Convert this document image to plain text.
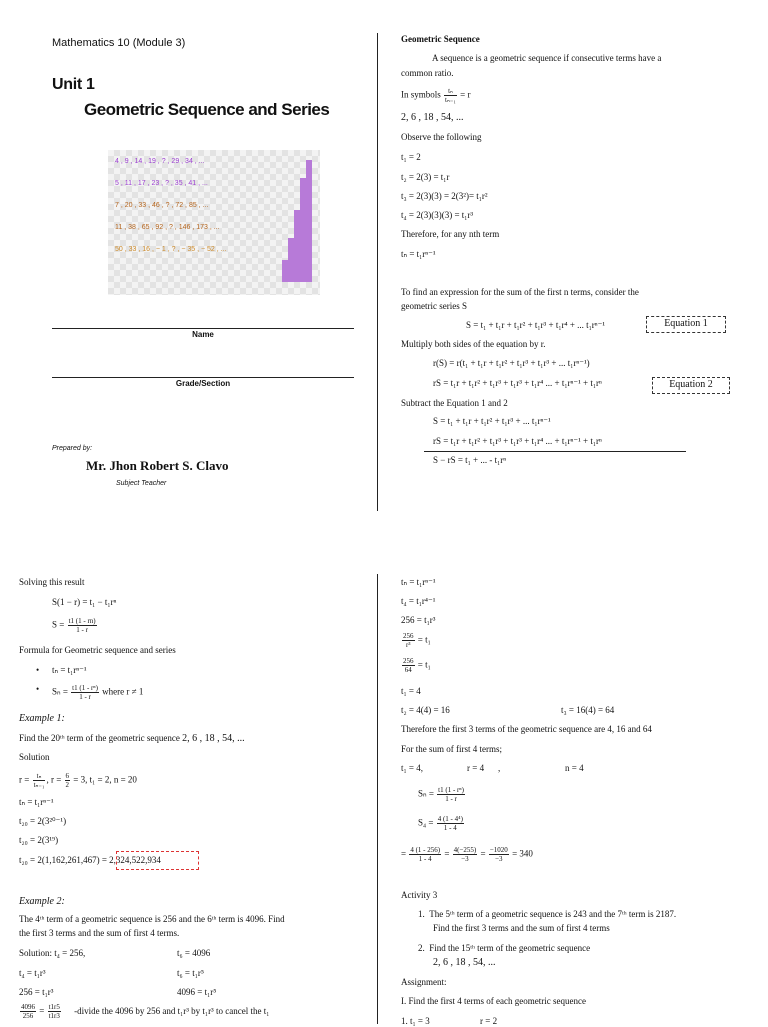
Mathematics 10 (Module 3)
Unit 1
Geometric Sequence and Series
4 , 9 , 14 , 19 , ? , 29 , 34 , ...
5 , 11 , 17 , 23 , ? , 35 , 41 , ...
7 , 20 , 33 , 46 , ? , 72 , 85 , ...
11 , 38 , 65 , 92 , ? , 146 , 173 , ...
50 , 33 , 16 , − 1 , ? , − 35 , − 52 , ...
Name
Grade/Section
Prepared by:
Mr. Jhon Robert S. Clavo
Subject Teacher
Geometric Sequence
A sequence is a geometric sequence if consecutive terms have a
common ratio.
In symbols $\frac{\text{tₙ}}{\text{tₙ₋₁}} = r$
2, 6 , 18 , 54, ...
Observe the following
t₁ = 2
t₂ = 2(3) = t₁r
t₃ = 2(3)(3) = 2(3²)= t₁r²
t₄ = 2(3)(3)(3) = t₁r³
Therefore, for any nth term
tₙ = t₁rⁿ⁻¹
To find an expression for the sum of the first n terms, consider the
geometric series S
S = t₁ + t₁r + t₁r² + t₁r³ + t₁r⁴ + ... t₁rⁿ⁻¹	Equation 1
Multiply both sides of the equation by r.
r(S) = r(t₁ + t₁r + t₁r² + t₁r³ + t₁r³ + ... t₁rⁿ⁻¹)
rS = t₁r + t₁r² + t₁r³ + t₁r³ + t₁r⁴ ... + t₁rⁿ⁻¹ + t₁rⁿ	Equation 2
Subtract the Equation 1 and 2
S = t₁ + t₁r + t₁r² + t₁r³ + ... t₁rⁿ⁻¹
rS = t₁r + t₁r² + t₁r³ + t₁r³ + t₁r⁴ ... + t₁rⁿ⁻¹ + t₁rⁿ
S − rS = t₁ + ... - t₁rⁿ
Solving this result
S(1 − r) = t₁ − t₁rⁿ
$S = \frac{t1 (1 - rn)}{1 - r}$
Formula for Geometric sequence and series
• tₙ = t₁rⁿ⁻¹
• $S_n = \frac{\text{t1 (1 - rⁿ)}}{1 - r}$ where r ≠ 1
Example 1:
Find the 20ᵗʰ term of the geometric sequence 2, 6 , 18 , 54, ...
Solution
$r = \frac{\text{tₙ}}{\text{tₙ₋₁}}$ , $r = \frac{6}{2} = 3$, t₁ = 2, n = 20
tₙ = t₁rⁿ⁻¹
t₂₀ = 2(3²⁰⁻¹)
t₂₀ = 2(3¹⁹)
t₂₀ = 2(1,162,261,467) = 2,324,522,934
Example 2:
The 4ᵗʰ term of a geometric sequence is 256 and the 6ᵗʰ term is 4096. Find
the first 3 terms and the sum of first 4 terms.
Solution: t₄ = 256,	t₆ = 4096
t₄ = t₁r³	t₆ = t₁r⁵
256 = t₁r³	4096 = t₁r⁵
$\frac{4096}{256} = \frac{t1r5}{t1r3}$ -divide the 4096 by 256 and t₁r³ by t₁r³ to cancel the t₁
tₙ = t₁rⁿ⁻¹
t₄ = t₁r⁴⁻¹
256 = t₁r³
$\frac{256}{\text{r³}} = t_1$
$\frac{256}{64} = t_1$
t₁ = 4
t₂ = 4(4) = 16	t₃ = 16(4) = 64
Therefore the first 3 terms of the geometric sequence are 4, 16 and 64
For the sum of first 4 terms;
t₁ = 4,	r = 4 ,	n = 4
$S_n = \frac{\text{t1 (1 - rⁿ)}}{1 - r}$
$S_4 = \frac{\text{4 (1 - 4⁴)}}{1 - 4}$
= $\frac{4 (1 - 256)}{1 - 4} = \frac{4(-255)}{-3} = \frac{-1020}{-3} = 340$
Activity 3
1. The 5ᵗʰ term of a geometric sequence is 243 and the 7ᵗʰ term is 2187.
Find the first 3 terms and the sum of first 4 terms
2. Find the 15ᵗʰ term of the geometric sequence
2, 6 , 18 , 54, ...
Assignment:
I. Find the first 4 terms of each geometric sequence
1. t₁ = 3	r = 2
